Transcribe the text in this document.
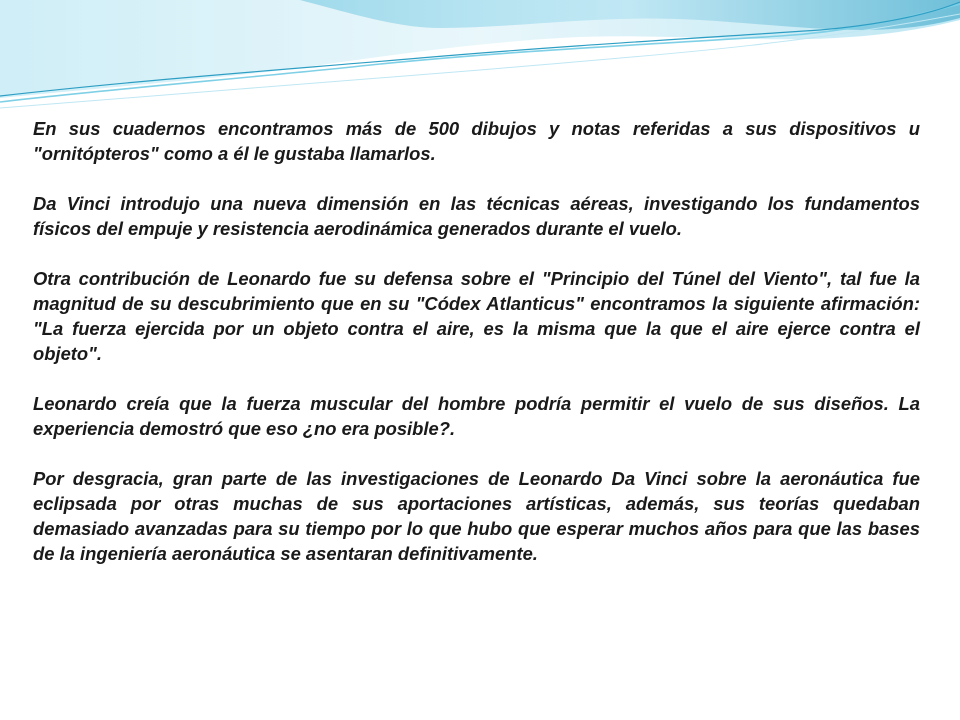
En sus cuadernos encontramos más de 500 dibujos y notas referidas a sus dispositivos u "ornitópteros" como a él le gustaba llamarlos.

Da Vinci introdujo una nueva dimensión en las técnicas aéreas, investigando los fundamentos físicos del empuje y resistencia aerodinámica generados durante el vuelo.

Otra contribución de Leonardo fue su defensa sobre el "Principio del Túnel del Viento", tal fue la magnitud de su descubrimiento que en su "Códex Atlanticus" encontramos la siguiente afirmación: "La fuerza ejercida por un objeto contra el aire, es la misma que la que el aire ejerce contra el objeto".

Leonardo creía que la fuerza muscular del hombre podría permitir el vuelo de sus diseños. La experiencia demostró que eso ¿no era posible?.

Por desgracia, gran parte de las investigaciones de Leonardo Da Vinci sobre la aeronáutica fue eclipsada por otras muchas de sus aportaciones artísticas, además, sus teorías quedaban demasiado avanzadas para su tiempo por lo que hubo que esperar muchos años para que las bases de la ingeniería aeronáutica se asentaran definitivamente.
